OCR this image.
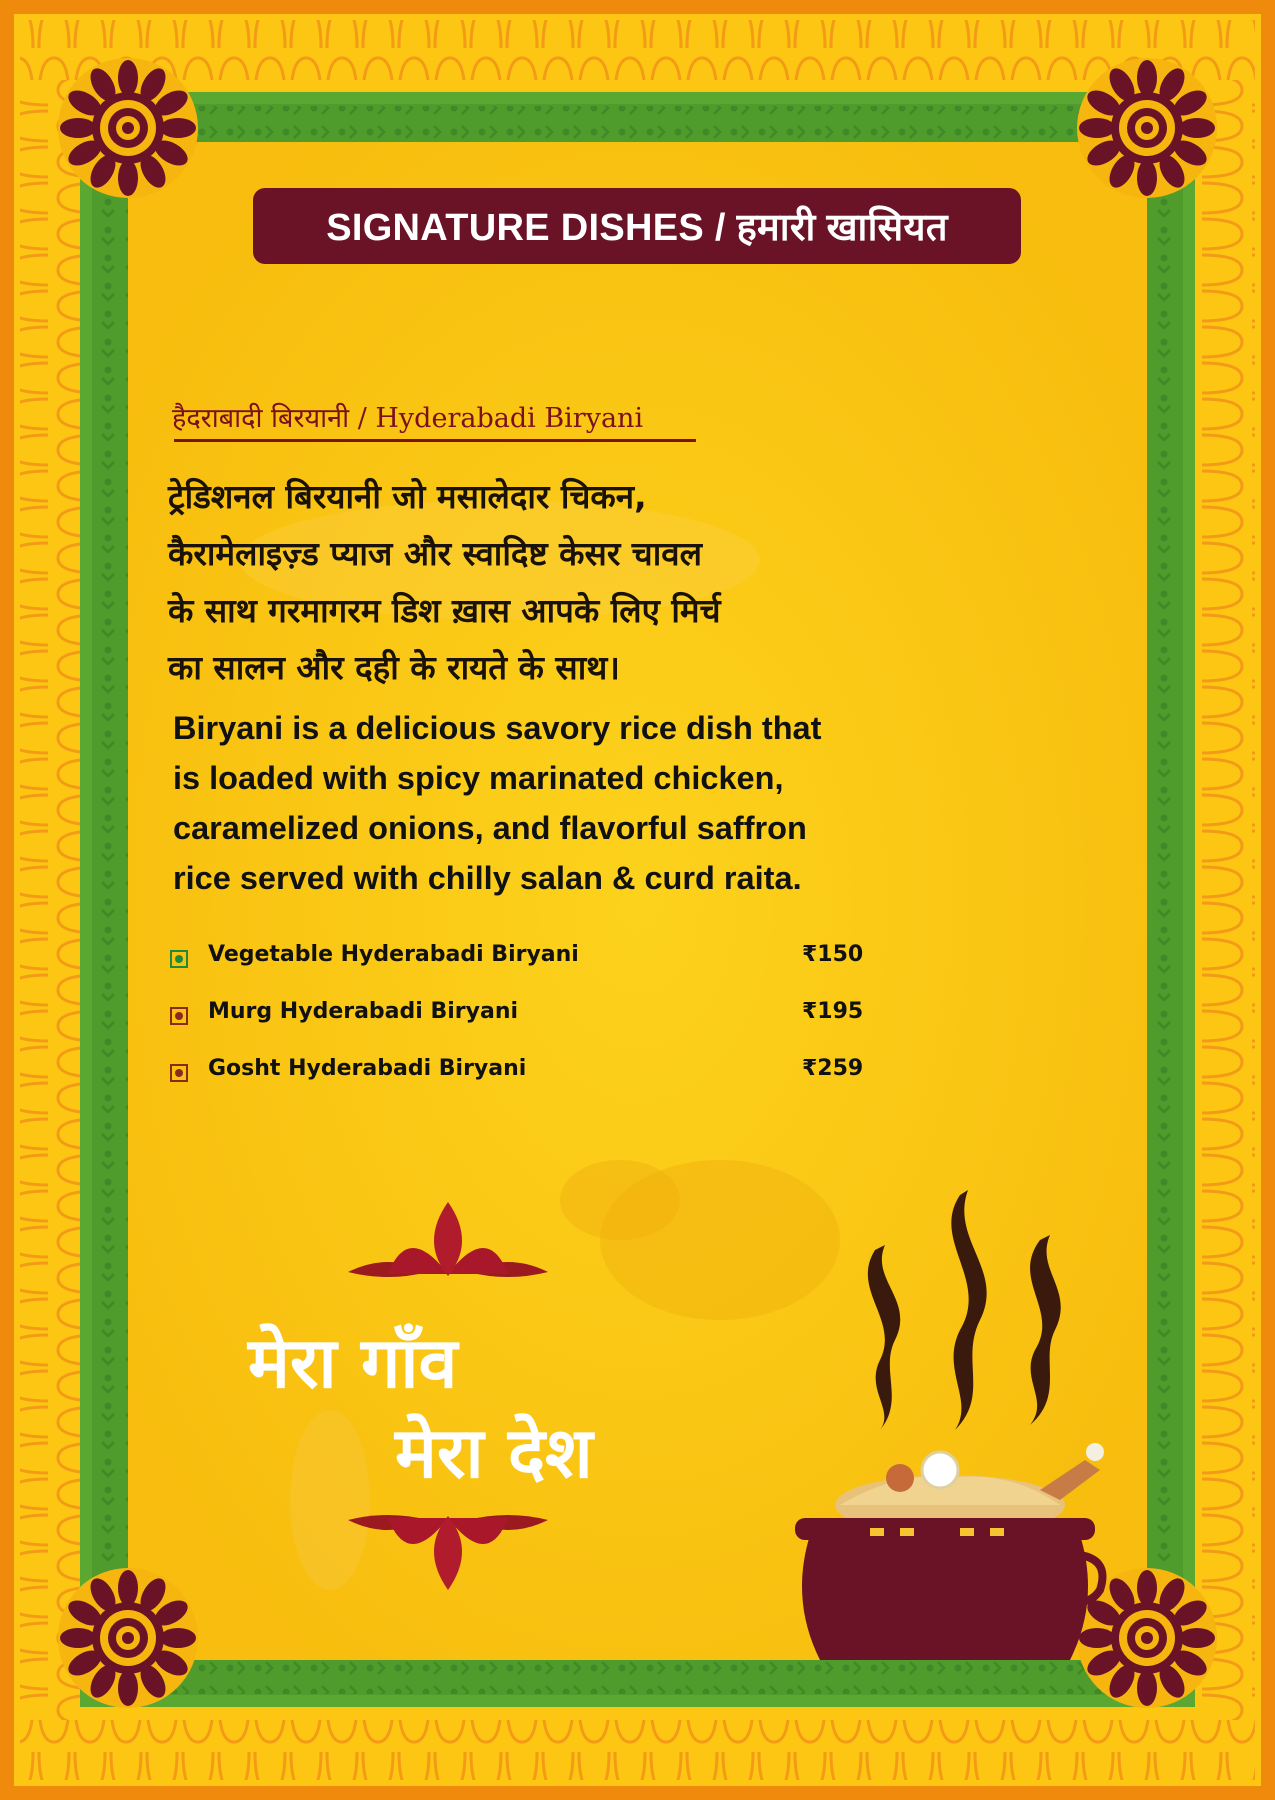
SIGNATURE DISHES / हमारी खासियत
हैदराबादी बिरयानी / Hyderabadi Biryani
ट्रेडिशनल बिरयानी जो मसालेदार चिकन,
कैरामेलाइज़्ड प्याज और स्वादिष्ट केसर चावल
के साथ गरमागरम डिश ख़ास आपके लिए मिर्च
का सालन और दही के रायते के साथ।
Biryani is a delicious savory rice dish that
is loaded with spicy marinated chicken,
caramelized onions, and flavorful saffron
rice served with chilly salan & curd raita.
Vegetable Hyderabadi Biryani	₹150
Murg Hyderabadi Biryani	₹195
Gosht Hyderabadi Biryani	₹259
मेरा गाँव
मेरा देश
